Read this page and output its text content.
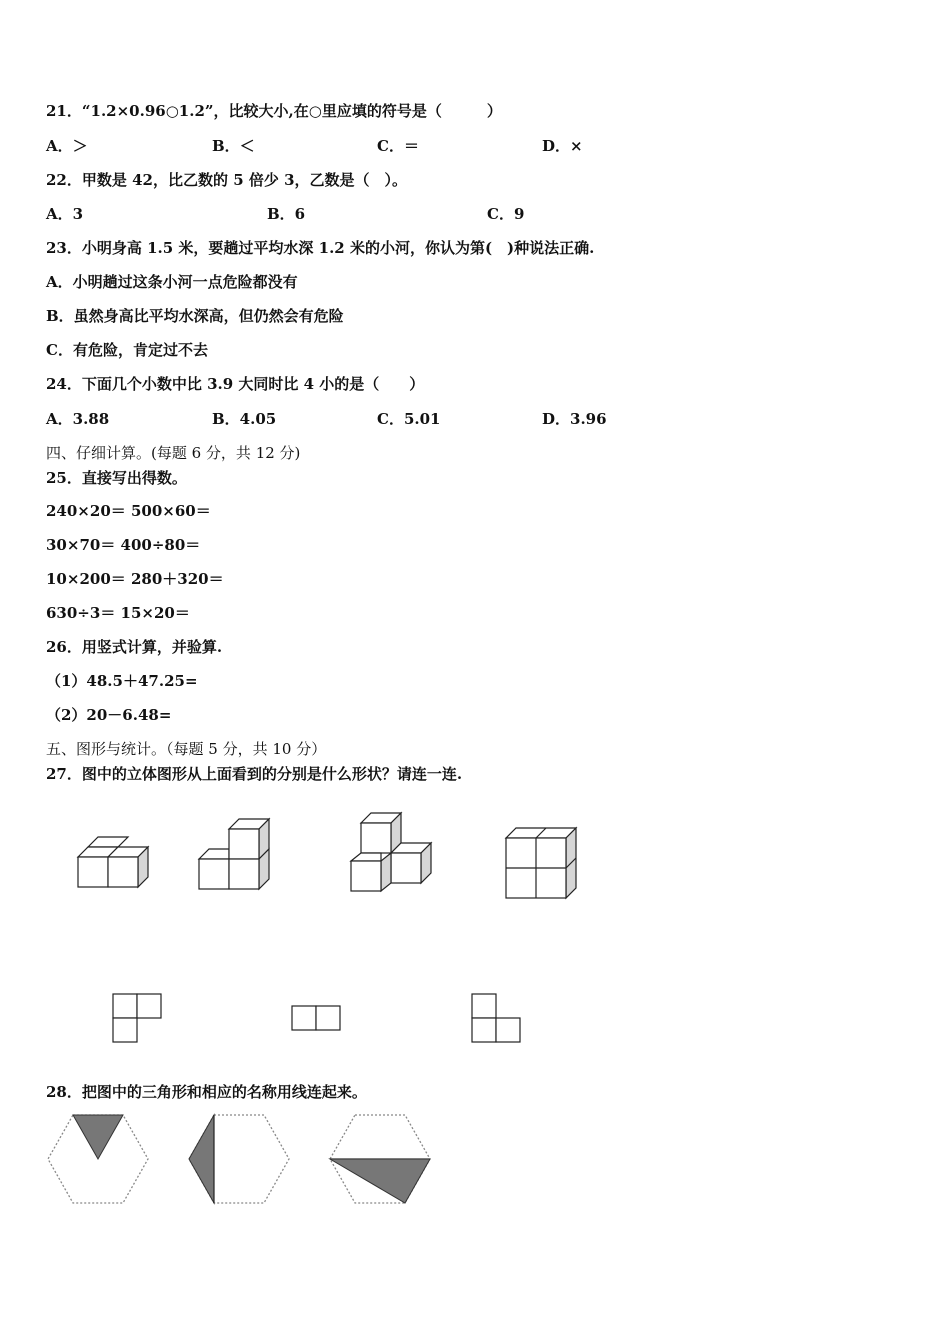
21．“1.2×0.96○1.2”，比较大小,在○里应填的符号是（　　　）
A．＞	B．＜	C．＝	D．×
22．甲数是 42，比乙数的 5 倍少 3，乙数是（　）。
A．3	B．6	C．9
23．小明身高 1.5 米，要趟过平均水深 1.2 米的小河，你认为第(　)种说法正确.
A．小明趟过这条小河一点危险都没有
B．虽然身高比平均水深高，但仍然会有危险
C．有危险，肯定过不去
24．下面几个小数中比 3.9 大同时比 4 小的是（　　）
A．3.88	B．4.05	C．5.01	D．3.96
四、仔细计算。(每题 6 分，共 12 分)
25．直接写出得数。
240×20＝ 500×60＝
30×70＝ 400÷80＝
10×200＝ 280＋320＝
630÷3＝ 15×20＝
26．用竖式计算，并验算.
（1）48.5＋47.25=
（2）20－6.48=
五、图形与统计。（每题 5 分，共 10 分）
27．图中的立体图形从上面看到的分别是什么形状？请连一连.
28．把图中的三角形和相应的名称用线连起来。
